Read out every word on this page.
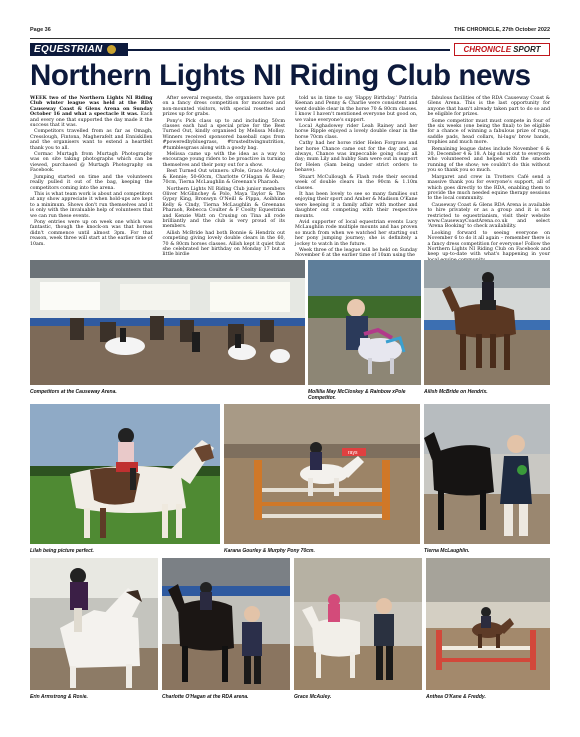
Page 36	THE CHRONICLE, 27th October 2022
EQUESTRIAN	CHRONICLE SPORT
Northern Lights NI Riding Club news

WEEK two of the Northern Lights NI Riding Club winter league was held at the RDA Causeway Coast & Glens Arena on Sunday October 16 and what a spectacle it was. Each and every one that supported the day made it the success that it was.

Competitors travelled from as far as Omagh, Cresslough, Fintona, Magherafelt and Enniskillen and the organisers want to extend a heartfelt thank you to all.

Cormac Murtagh from Murtagh Photography was on site taking photographs which can be viewed, purchased @ Murtagh Photography on Facebook.

Jumping started on time and the volunteers really pulled it out of the bag, keeping the competitors coming into the arena.

This is what team work is about and competitors at any show appreciate it when hold-ups are kept to a minimum. Shows don't run themselves and it is only with the invaluable help of volunteers that we can run these events.

Pony entries were up on week one which was fantastic, though the knock-on was that horses didn't commence until almost 3pm. For that reason, week three will start at the earlier time of 10am.

After several requests, the organisers have put on a fancy dress competition for mounted and non-mounted visitors, with special rosettes and prizes up for grabs.

Pony's Pick class up to and including 50cm classes each had a special prize for the Best Turned Out, kindly organised by Melissa Molloy. Winners received sponsored baseball caps from #poweredbybluegrass, #trustedtwingnutrition, #tumblesgrass along with a goody bag.

Melissa came up with the idea as a way to encourage young riders to be proactive in turning themselves and their pony out for a show.

Best Turned Out winners: xPole, Grace McAuley & Kennie; 50-60cm, Charlotte O'Hagan & Bear; 70cm, Tierna McLaughlin & Greenan's Pharaoh.

Northern Lights NI Riding Club junior members Oliver McGlinchey & Polo, Maya Taylor & The Gypsy King, Bronwyn O'Neill & Pippa, Aoibhinn Kelly & Cindy, Tierna McLaughlin & Greenans Pharaoh, Rebecca Coulter & F Coolty Equestrian and Kenzie Watt on Crusing on Tina all rode brilliantly and the club is very proud of its members.

Ailish McBride had both Bonnie & Hendrix out competing giving lovely double clears in the 60, 70 & 80cm horses classes. Ailish kept it quiet that she celebrated her birthday on Monday 17 but a little birdie

told us in time to say 'Happy Birthday.' Patricia Keenan and Penny & Charlie were consistent and went double clear in the horse 70 & 80cm classes. I know I haven't mentioned everyone but good on, we value everyone's support.

Local Aghadowey rider Leah Rainey and her horse Ripple enjoyed a lovely double clear in the horse 70cm class.

Cathy had her horse rider Helen Forgrave and her horse Chance came out for the day and, as always, Chance was impeccable going clear all day; mum Lily and hubby Sam were out in support for Helen (Sam being under strict orders to behave).

Stuart McCullough & Flash rode their second week of double clears in the 90cm & 1.10m classes.

It has been lovely to see so many families out enjoying their sport and Amber & Madison O'Kane were keeping it a family affair with mother and daughter out competing with their respective mounts.

Avid supporter of local equestrian events Lucy McLaughlin rode multiple mounts and has proven so much from when we watched her starting out her pony jumping journey; she is definitely a jockey to watch in the future.

Week three of the league will be held on Sunday November 6 at the earlier time of 10am using the

fabulous facilities of the RDA Causeway Coast & Glens Arena. This is the last opportunity for anyone that hasn't already taken part to do so and be eligible for prizes.

Some competitor must must compete in four of the six weeks (one being the final) to be eligible for a chance of winning a fabulous prize of rugs, saddle pads, head collars, hi-lugs/ brow bands, trophies and much more.

Remaining league dates include November 6 & 20, December 4 & 18. A big shout out to everyone who volunteered and helped with the smooth running of the show; we couldn't do this without you so thank you so much.

Margaret and crew in Trotters Café send a massive thank you for everyone's support, all of which goes directly to the RDA, enabling them to provide the much needed equine therapy sessions to the local community.

Causeway Coast & Glens RDA Arena is available to hire privately or as a group and it is not restricted to equestrianism, visit their website www.CausewayCoastArena.co.uk and select 'Arena Booking' to check availability.

Looking forward to seeing everyone on November 6 to do it all again – remember there is a fancy dress competition for everyone! Follow the Northern Lights NI Riding Club on Facebook and keep up-to-date with what's happening in your

Competitors at the Causeway Arena.	Mollilia May McCloskey & Rainbow xPole Competitor.
Ailish McBride on Hendrix.
Lilah being picture perfect.
rays
Karana Gourley & Murphy Pony 70cm.	Tierna McLaughlin.
Erin Armstrong & Rosie.	Charlotte O'Hagan at the RDA arena.	Grace McAuley.	Anthea O'Kane & Freddy.
